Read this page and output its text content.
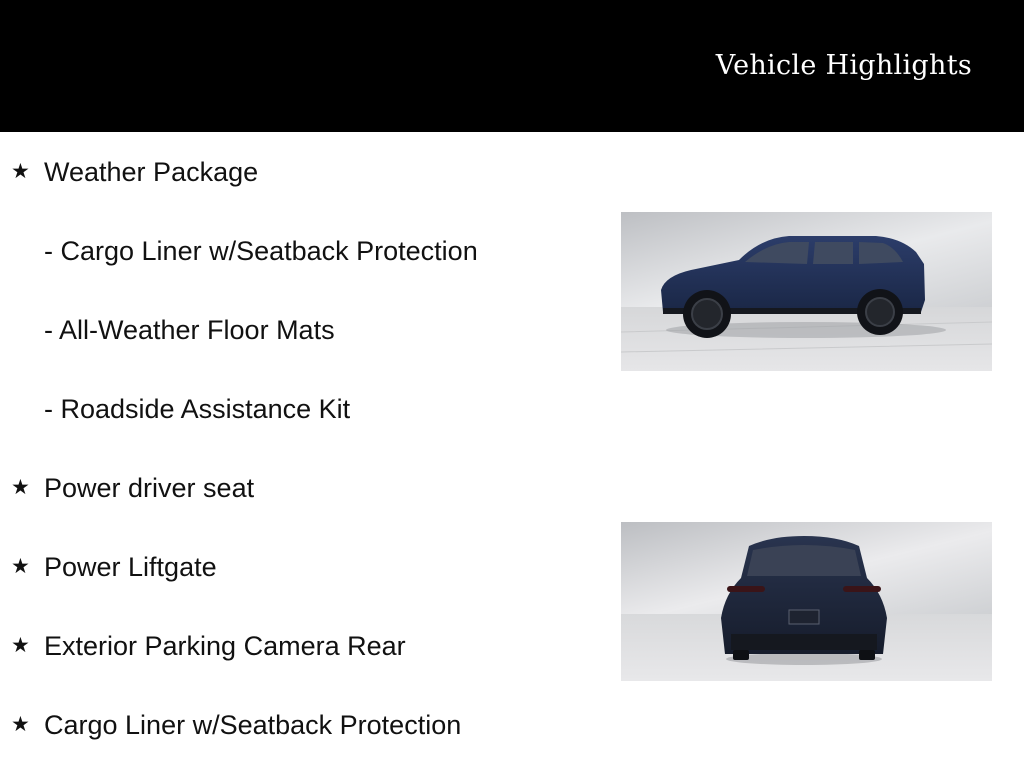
Vehicle Highlights
★ Weather Package
- Cargo Liner w/Seatback Protection
- All-Weather Floor Mats
- Roadside Assistance Kit
★ Power driver seat
★ Power Liftgate
★ Exterior Parking Camera Rear
★ Cargo Liner w/Seatback Protection
